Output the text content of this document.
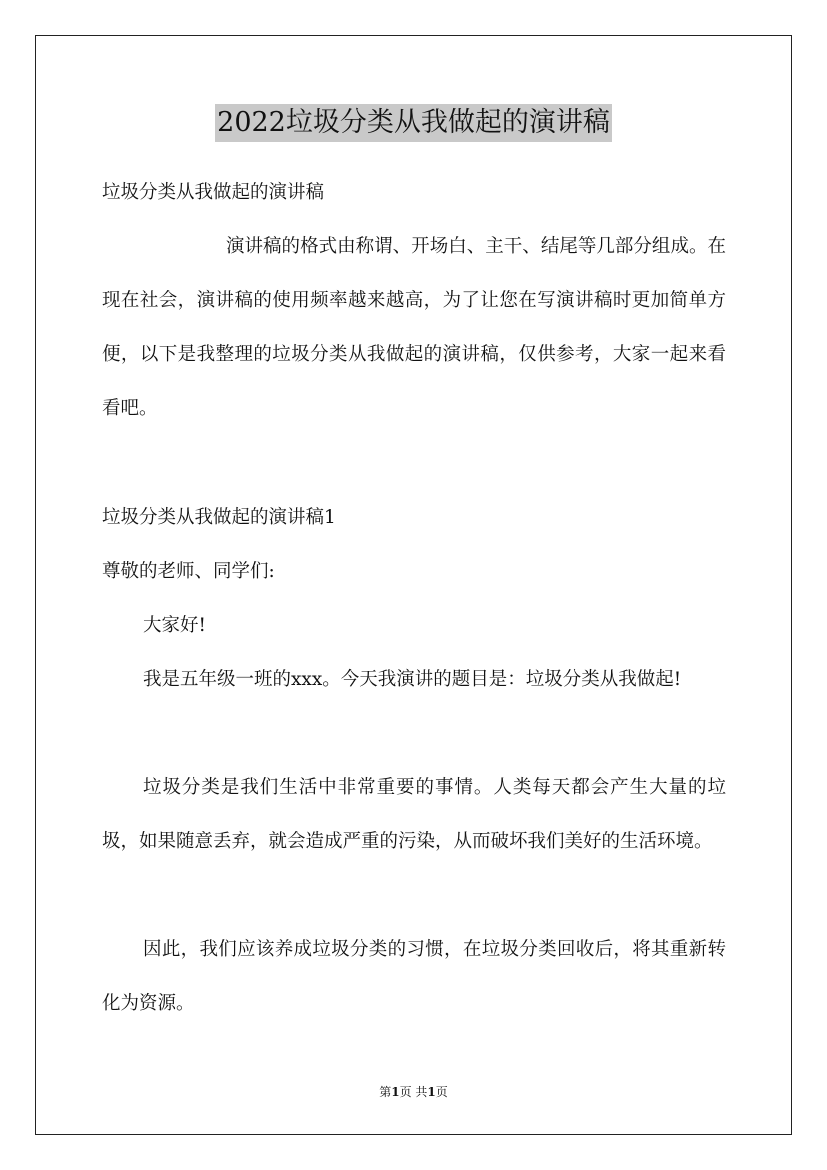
2022垃圾分类从我做起的演讲稿

垃圾分类从我做起的演讲稿

演讲稿的格式由称谓、开场白、主干、结尾等几部分组成。在现在社会，演讲稿的使用频率越来越高，为了让您在写演讲稿时更加简单方便，以下是我整理的垃圾分类从我做起的演讲稿，仅供参考，大家一起来看看吧。

垃圾分类从我做起的演讲稿1

尊敬的老师、同学们:

大家好!

我是五年级一班的xxx。今天我演讲的题目是：垃圾分类从我做起!

垃圾分类是我们生活中非常重要的事情。人类每天都会产生大量的垃圾，如果随意丢弃，就会造成严重的污染，从而破坏我们美好的生活环境。

因此，我们应该养成垃圾分类的习惯，在垃圾分类回收后，将其重新转化为资源。

第1页 共1页
